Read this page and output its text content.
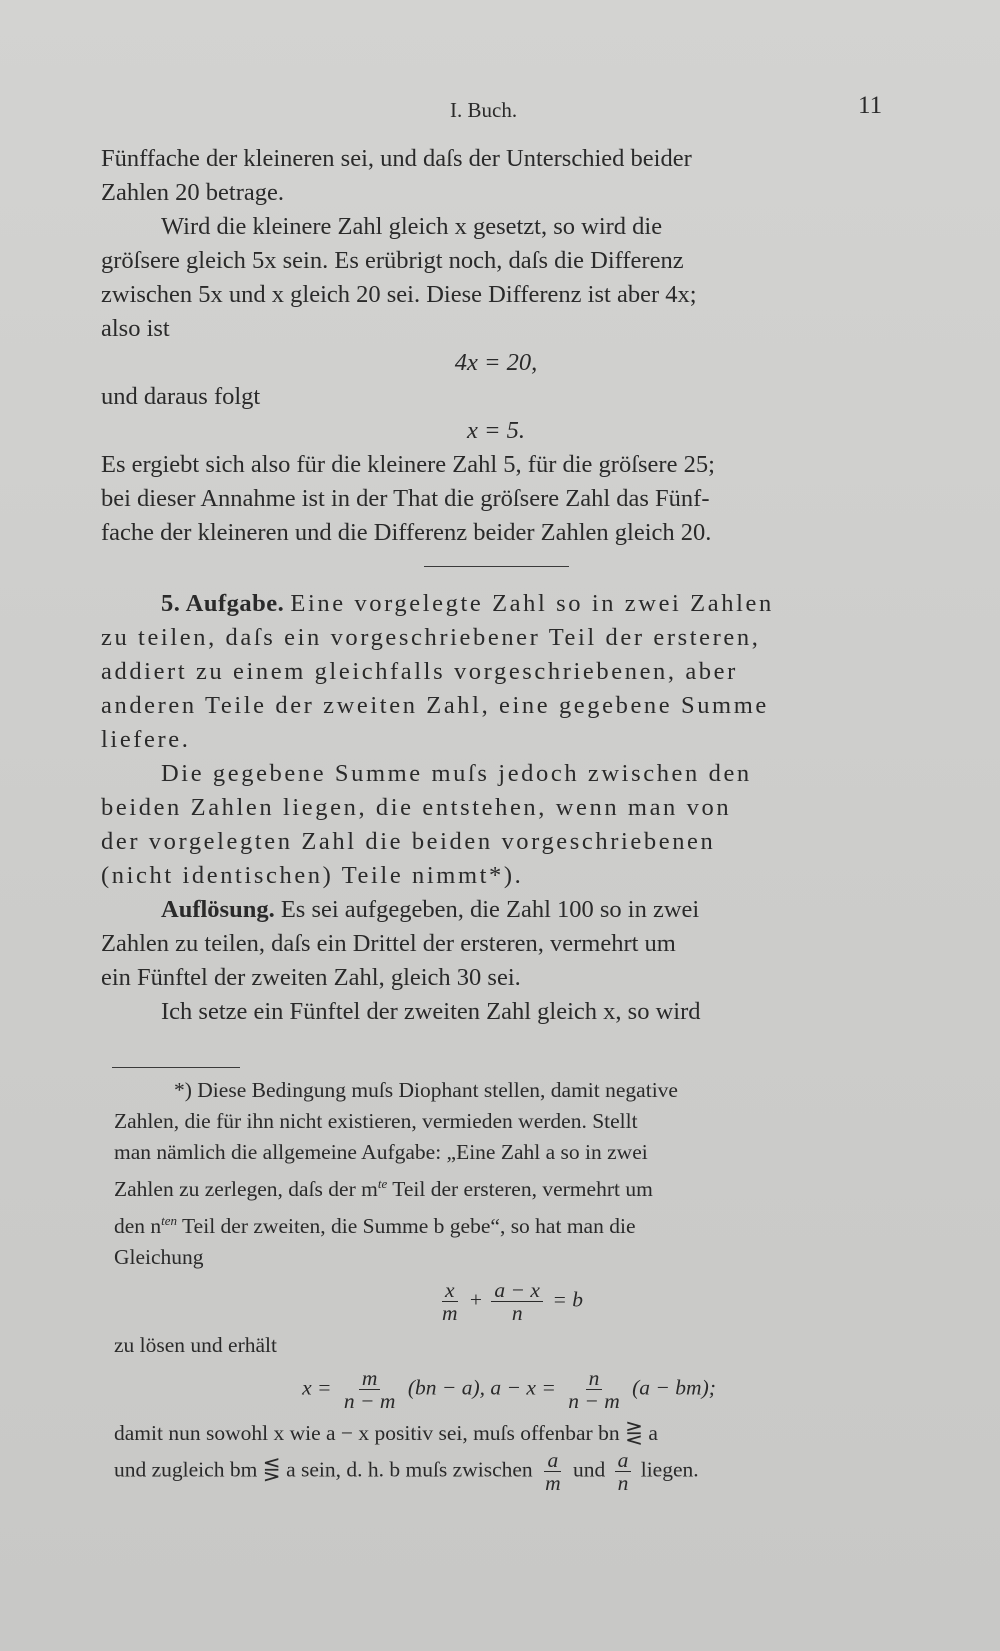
I. Buch.	11

Fünffache der kleineren sei, und daſs der Unterschied beider
Zahlen 20 betrage.

Wird die kleinere Zahl gleich x gesetzt, so wird die
gröſsere gleich 5x sein. Es erübrigt noch, daſs die Differenz
zwischen 5x und x gleich 20 sei. Diese Differenz ist aber 4x;
also ist

4x = 20,
und daraus folgt
x = 5.

Es ergiebt sich also für die kleinere Zahl 5, für die gröſsere 25;
bei dieser Annahme ist in der That die gröſsere Zahl das Fünf-
fache der kleineren und die Differenz beider Zahlen gleich 20.

5. Aufgabe. Eine vorgelegte Zahl so in zwei Zahlen
zu teilen, daſs ein vorgeschriebener Teil der ersteren,
addiert zu einem gleichfalls vorgeschriebenen, aber
anderen Teile der zweiten Zahl, eine gegebene Summe
liefere.

Die gegebene Summe muſs jedoch zwischen den
beiden Zahlen liegen, die entstehen, wenn man von
der vorgelegten Zahl die beiden vorgeschriebenen
(nicht identischen) Teile nimmt*).

Auflösung. Es sei aufgegeben, die Zahl 100 so in zwei
Zahlen zu teilen, daſs ein Drittel der ersteren, vermehrt um
ein Fünftel der zweiten Zahl, gleich 30 sei.
Ich setze ein Fünftel der zweiten Zahl gleich x, so wird

*) Diese Bedingung muſs Diophant stellen, damit negative
Zahlen, die für ihn nicht existieren, vermieden werden. Stellt
man nämlich die allgemeine Aufgabe: „Eine Zahl a so in zwei
Zahlen zu zerlegen, daſs der $m^{te}$ Teil der ersteren, vermehrt um
den $n^{ten}$ Teil der zweiten, die Summe b gebe“, so hat man die
Gleichung

$\frac{x}{m} + \frac{a - x}{n} = b$
zu lösen und erhält
$x = \frac{m}{n - m} (bn - a)$, $a - x = \frac{n}{n - m} (a - bm)$;
damit nun sowohl x wie a − x positiv sei, muſs offenbar bn ⋛ a
und zugleich bm ⋚ a sein, d. h. b muſs zwischen $\frac{a}{m}$ und $\frac{a}{n}$ liegen.
